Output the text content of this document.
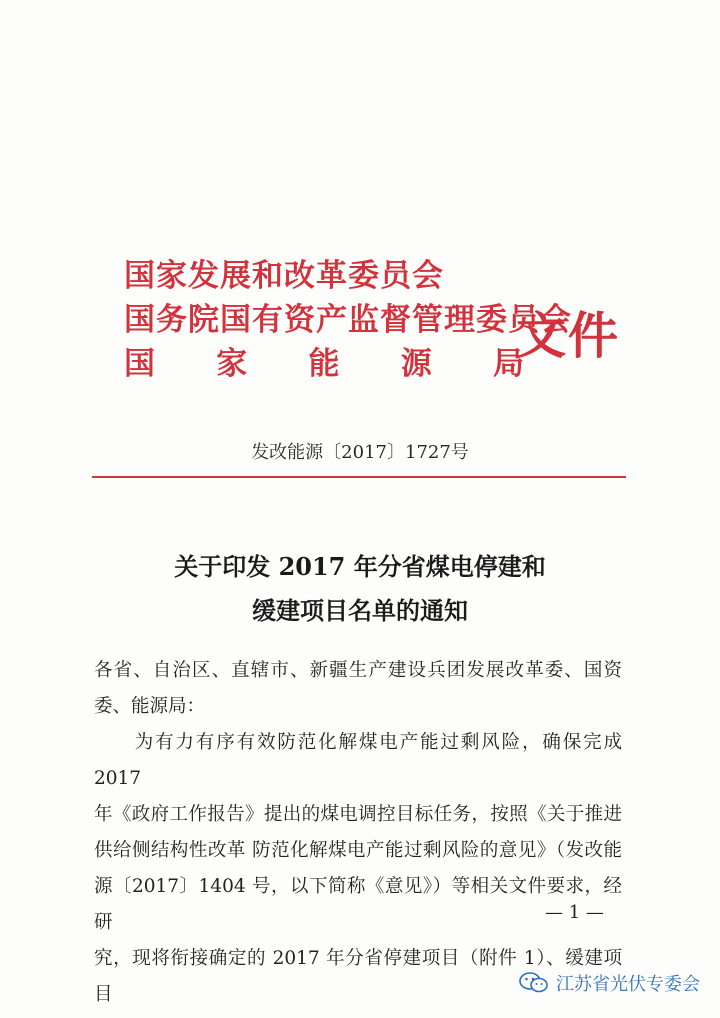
国家发展和改革委员会
国务院国有资产监督管理委员会
国 家 能 源 局
文件
发改能源〔2017〕1727号
关于印发 2017 年分省煤电停建和
缓建项目名单的通知

各省、自治区、直辖市、新疆生产建设兵团发展改革委、国资

委、能源局：

　　为有力有序有效防范化解煤电产能过剩风险，确保完成 2017

年《政府工作报告》提出的煤电调控目标任务，按照《关于推进

供给侧结构性改革 防范化解煤电产能过剩风险的意见》（发改能

源〔2017〕1404 号，以下简称《意见》）等相关文件要求，经研

究，现将衔接确定的 2017 年分省停建项目（附件 1）、缓建项目

— 1 —
江苏省光伏专委会
